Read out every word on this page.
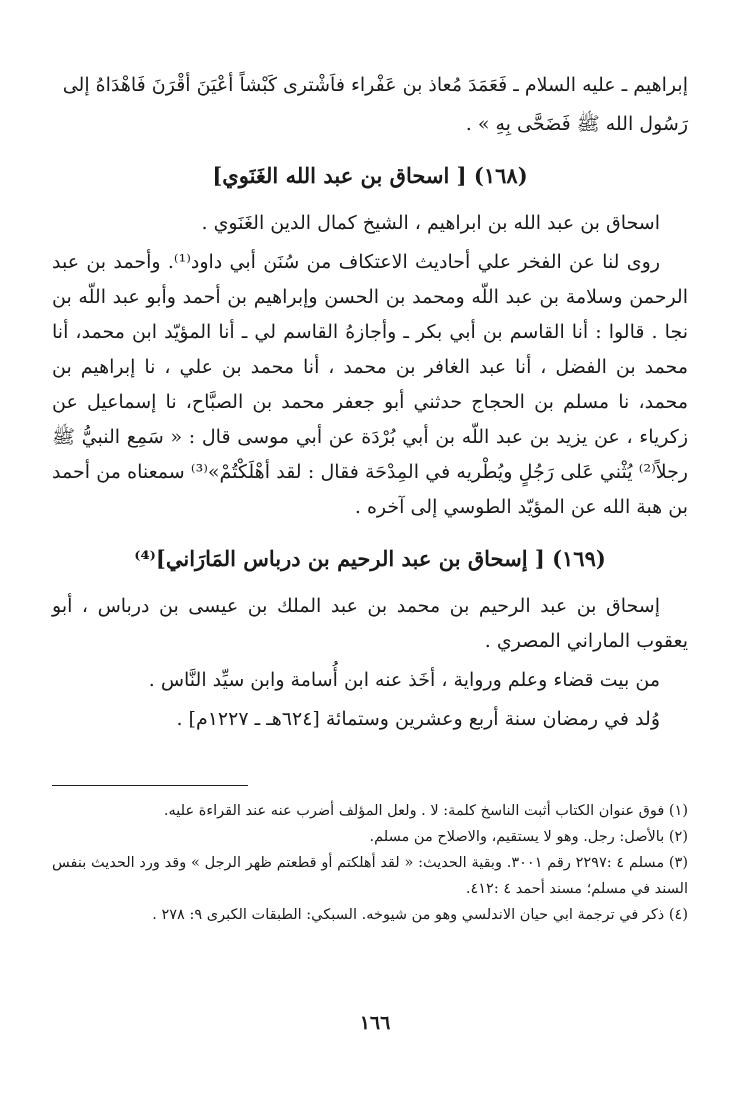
إبراهيم ـ عليه السلام ـ فَعَمَدَ مُعاذ بن عَفْراء فاَشْترى كَبْشاً أعْيَنَ أقْرَنَ فَاهْدَاهُ إلى

رَسُول الله ﷺ فَضَحَّى بِهِ » .

(١٦٨) [ اسحاق بن عبد الله الغَنَوي]

اسحاق بن عبد الله بن ابراهيم ، الشيخ كمال الدين الغَنَوي .

روى لنا عن الفخر علي أحاديث الاعتكاف من سُنَن أبي داود⁽¹⁾. وأحمد بن عبد الرحمن وسلامة بن عبد اللّه ومحمد بن الحسن وإبراهيم بن أحمد وأبو عبد اللّه بن نجا . قالوا : أنا القاسم بن أبي بكر ـ وأجازهُ القاسم لي ـ أنا المؤيّد ابن محمد، أنا محمد بن الفضل ، أنا عبد الغافر بن محمد ، أنا محمد بن علي ، نا إبراهيم بن محمد، نا مسلم بن الحجاج حدثني أبو جعفر محمد بن الصبَّاح، نا إسماعيل عن زكرياء ، عن يزيد بن عبد اللّه بن أبي بُرْدَة عن أبي موسى قال : « سَمِع النبيُّ ﷺ رجلاً⁽²⁾ يُثْني عَلى رَجُلٍ ويُطْريه في المِدْحَة فقال : لقد أهْلَكْتُمْ»⁽³⁾ سمعناه من أحمد بن هبة الله عن المؤيّد الطوسي إلى آخره .

(١٦٩) [ إسحاق بن عبد الرحيم بن درباس المَارَاني]⁽⁴⁾

إسحاق بن عبد الرحيم بن محمد بن عبد الملك بن عيسى بن درباس ، أبو يعقوب الماراني المصري .

من بيت قضاء وعلم ورواية ، أخَذ عنه ابن أُسامة وابن سيِّد النَّاس .

وُلد في رمضان سنة أربع وعشرين وستمائة [٦٢٤هـ ـ ١٢٢٧م] .

(١) فوق عنوان الكتاب أثبت الناسخ كلمة: لا . ولعل المؤلف أضرب عنه عند القراءة عليه.

(٢) بالأصل: رجل. وهو لا يستقيم، والاصلاح من مسلم.

(٣) مسلم ٤ :٢٢٩٧ رقم ٣٠٠١. وبقية الحديث: « لقد أهلكتم أو قطعتم ظهر الرجل » وقد ورد الحديث بنفس السند في مسلم؛ مسند أحمد ٤ :٤١٢.

(٤) ذكر في ترجمة ابي حيان الاندلسي وهو من شيوخه. السبكي: الطبقات الكبرى ٩: ٢٧٨ .

١٦٦
